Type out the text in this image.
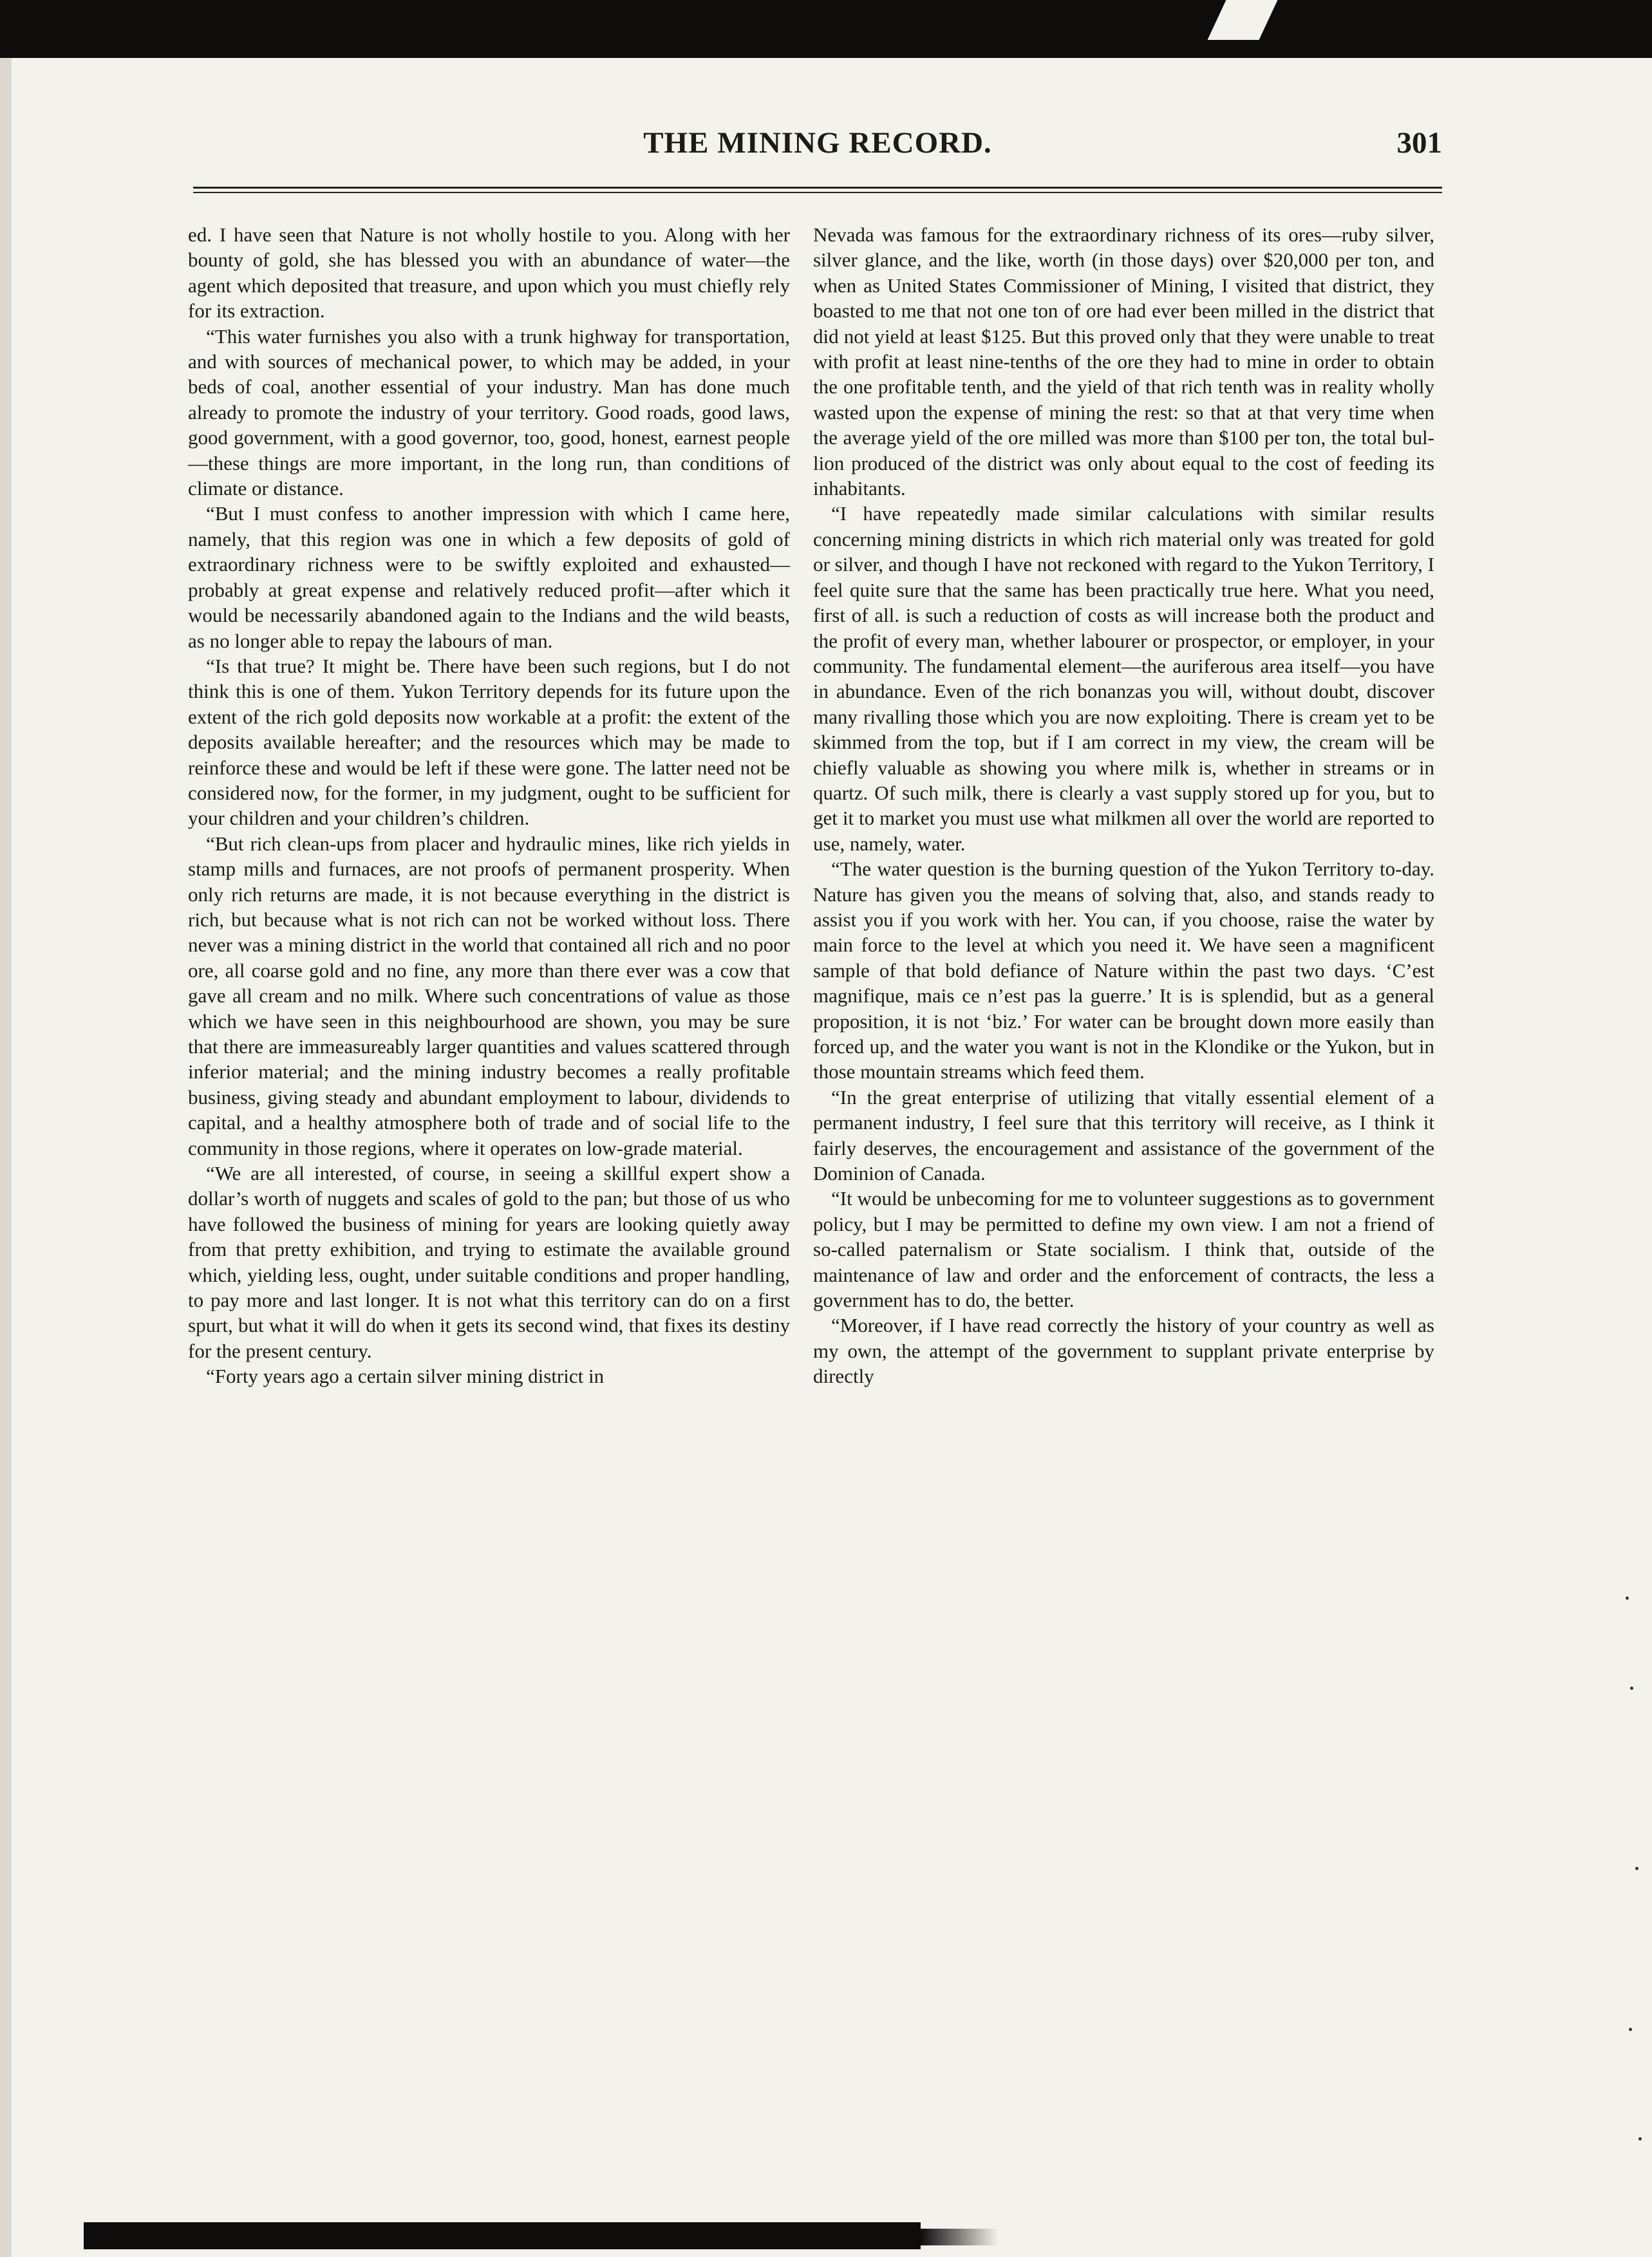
THE MINING RECORD.	301

ed. I have seen that Nature is not wholly hostile to you. Along with her bounty of gold, she has blessed you with an abundance of water—the agent which deposited that treasure, and upon which you must chiefly rely for its extraction.

“This water furnishes you also with a trunk highway for transportation, and with sources of mechanical power, to which may be added, in your beds of coal, another essential of your industry. Man has done much already to promote the industry of your territory. Good roads, good laws, good government, with a good governor, too, good, honest, earnest people—these things are more important, in the long run, than conditions of climate or distance.

“But I must confess to another impression with which I came here, namely, that this region was one in which a few deposits of gold of extraordinary richness were to be swiftly exploited and exhausted—probably at great expense and relatively reduced profit—after which it would be necessarily abandoned again to the Indians and the wild beasts, as no longer able to repay the labours of man.

“Is that true? It might be. There have been such regions, but I do not think this is one of them. Yukon Territory depends for its future upon the extent of the rich gold deposits now workable at a profit: the extent of the deposits available hereafter; and the resources which may be made to reinforce these and would be left if these were gone. The latter need not be considered now, for the former, in my judgment, ought to be sufficient for your children and your children’s children.

“But rich clean-ups from placer and hydraulic mines, like rich yields in stamp mills and furnaces, are not proofs of permanent prosperity. When only rich returns are made, it is not because everything in the district is rich, but because what is not rich can not be worked without loss. There never was a mining district in the world that contained all rich and no poor ore, all coarse gold and no fine, any more than there ever was a cow that gave all cream and no milk. Where such concentrations of value as those which we have seen in this neighbourhood are shown, you may be sure that there are immeasureably larger quantities and values scattered through inferior material; and the mining industry becomes a really profitable business, giving steady and abundant employment to labour, dividends to capital, and a healthy atmosphere both of trade and of social life to the community in those regions, where it operates on low-grade material.

“We are all interested, of course, in seeing a skillful expert show a dollar’s worth of nuggets and scales of gold to the pan; but those of us who have followed the business of mining for years are looking quietly away from that pretty exhibition, and trying to estimate the available ground which, yielding less, ought, under suitable conditions and proper handling, to pay more and last longer. It is not what this territory can do on a first spurt, but what it will do when it gets its second wind, that fixes its destiny for the present century.

“Forty years ago a certain silver mining district in

Nevada was famous for the extraordinary richness of its ores—ruby silver, silver glance, and the like, worth (in those days) over $20,000 per ton, and when as United States Commissioner of Mining, I visited that district, they boasted to me that not one ton of ore had ever been milled in the district that did not yield at least $125. But this proved only that they were unable to treat with profit at least nine-tenths of the ore they had to mine in order to obtain the one profitable tenth, and the yield of that rich tenth was in reality wholly wasted upon the expense of mining the rest: so that at that very time when the average yield of the ore milled was more than $100 per ton, the total bullion produced of the district was only about equal to the cost of feeding its inhabitants.

“I have repeatedly made similar calculations with similar results concerning mining districts in which rich material only was treated for gold or silver, and though I have not reckoned with regard to the Yukon Territory, I feel quite sure that the same has been practically true here. What you need, first of all. is such a reduction of costs as will increase both the product and the profit of every man, whether labourer or prospector, or employer, in your community. The fundamental element—the auriferous area itself—you have in abundance. Even of the rich bonanzas you will, without doubt, discover many rivalling those which you are now exploiting. There is cream yet to be skimmed from the top, but if I am correct in my view, the cream will be chiefly valuable as showing you where milk is, whether in streams or in quartz. Of such milk, there is clearly a vast supply stored up for you, but to get it to market you must use what milkmen all over the world are reported to use, namely, water.

“The water question is the burning question of the Yukon Territory to-day. Nature has given you the means of solving that, also, and stands ready to assist you if you work with her. You can, if you choose, raise the water by main force to the level at which you need it. We have seen a magnificent sample of that bold defiance of Nature within the past two days. ‘C’est magnifique, mais ce n’est pas la guerre.’ It is is splendid, but as a general proposition, it is not ‘biz.’ For water can be brought down more easily than forced up, and the water you want is not in the Klondike or the Yukon, but in those mountain streams which feed them.

“In the great enterprise of utilizing that vitally essential element of a permanent industry, I feel sure that this territory will receive, as I think it fairly deserves, the encouragement and assistance of the government of the Dominion of Canada.

“It would be unbecoming for me to volunteer suggestions as to government policy, but I may be permitted to define my own view. I am not a friend of so-called paternalism or State socialism. I think that, outside of the maintenance of law and order and the enforcement of contracts, the less a government has to do, the better.

“Moreover, if I have read correctly the history of your country as well as my own, the attempt of the government to supplant private enterprise by directly
